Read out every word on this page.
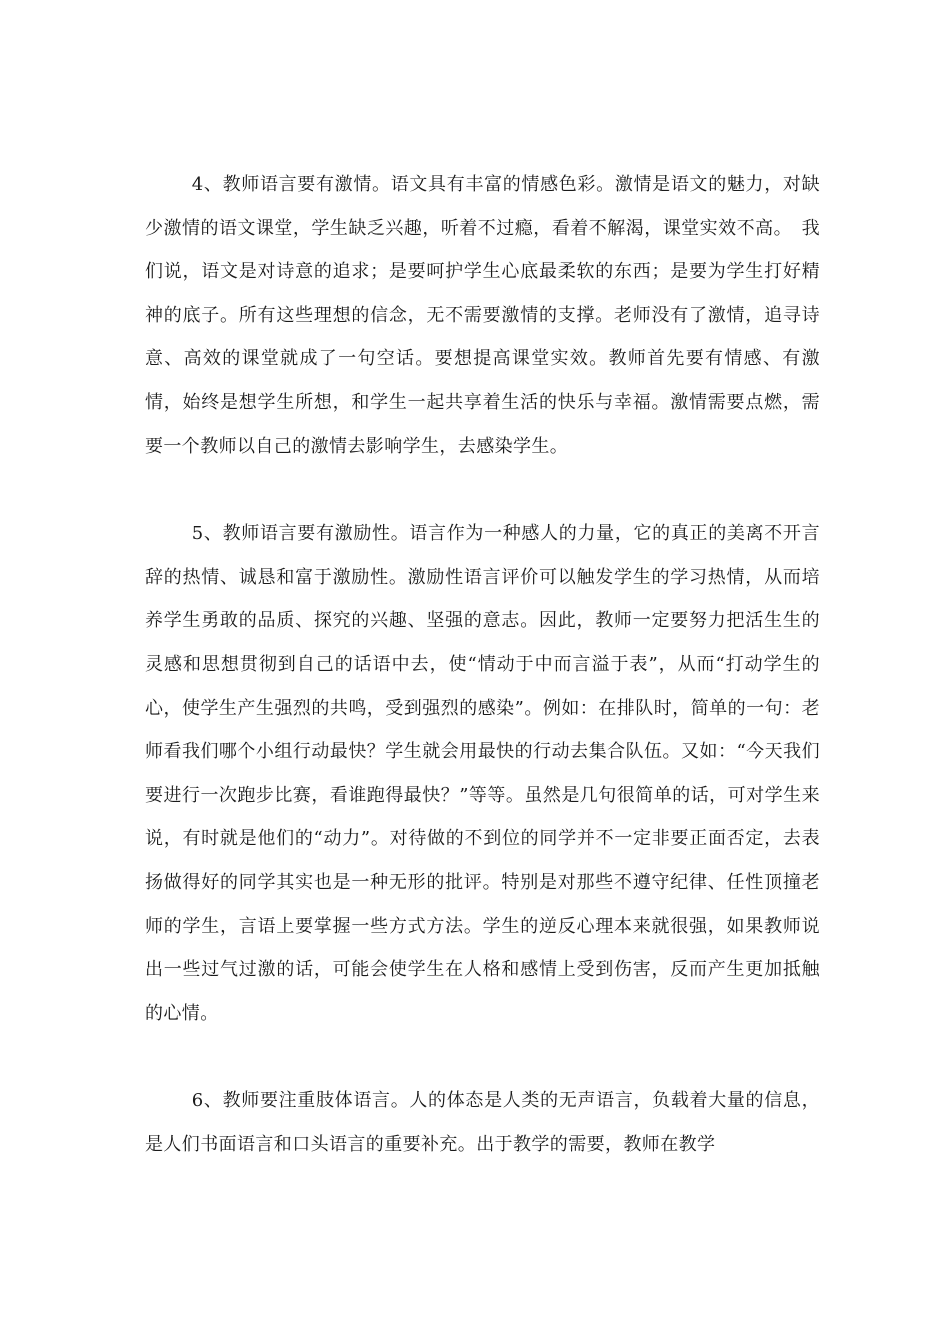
4、教师语言要有激情。语文具有丰富的情感色彩。激情是语文的魅力，对缺少激情的语文课堂，学生缺乏兴趣，听着不过瘾，看着不解渴，课堂实效不高。　我们说，语文是对诗意的追求；是要呵护学生心底最柔软的东西；是要为学生打好精神的底子。所有这些理想的信念，无不需要激情的支撑。老师没有了激情，追寻诗意、高效的课堂就成了一句空话。要想提高课堂实效。教师首先要有情感、有激情，始终是想学生所想，和学生一起共享着生活的快乐与幸福。激情需要点燃，需要一个教师以自己的激情去影响学生，去感染学生。

5、教师语言要有激励性。语言作为一种感人的力量，它的真正的美离不开言辞的热情、诚恳和富于激励性。激励性语言评价可以触发学生的学习热情，从而培养学生勇敢的品质、探究的兴趣、坚强的意志。因此，教师一定要努力把活生生的灵感和思想贯彻到自己的话语中去，使“情动于中而言溢于表”，从而“打动学生的心，使学生产生强烈的共鸣，受到强烈的感染”。例如：在排队时，简单的一句：老师看我们哪个小组行动最快？学生就会用最快的行动去集合队伍。又如：“今天我们要进行一次跑步比赛，看谁跑得最快？”等等。虽然是几句很简单的话，可对学生来说，有时就是他们的“动力”。对待做的不到位的同学并不一定非要正面否定，去表扬做得好的同学其实也是一种无形的批评。特别是对那些不遵守纪律、任性顶撞老师的学生，言语上要掌握一些方式方法。学生的逆反心理本来就很强，如果教师说出一些过气过激的话，可能会使学生在人格和感情上受到伤害，反而产生更加抵触的心情。

6、教师要注重肢体语言。人的体态是人类的无声语言，负载着大量的信息，是人们书面语言和口头语言的重要补充。出于教学的需要，教师在教学
